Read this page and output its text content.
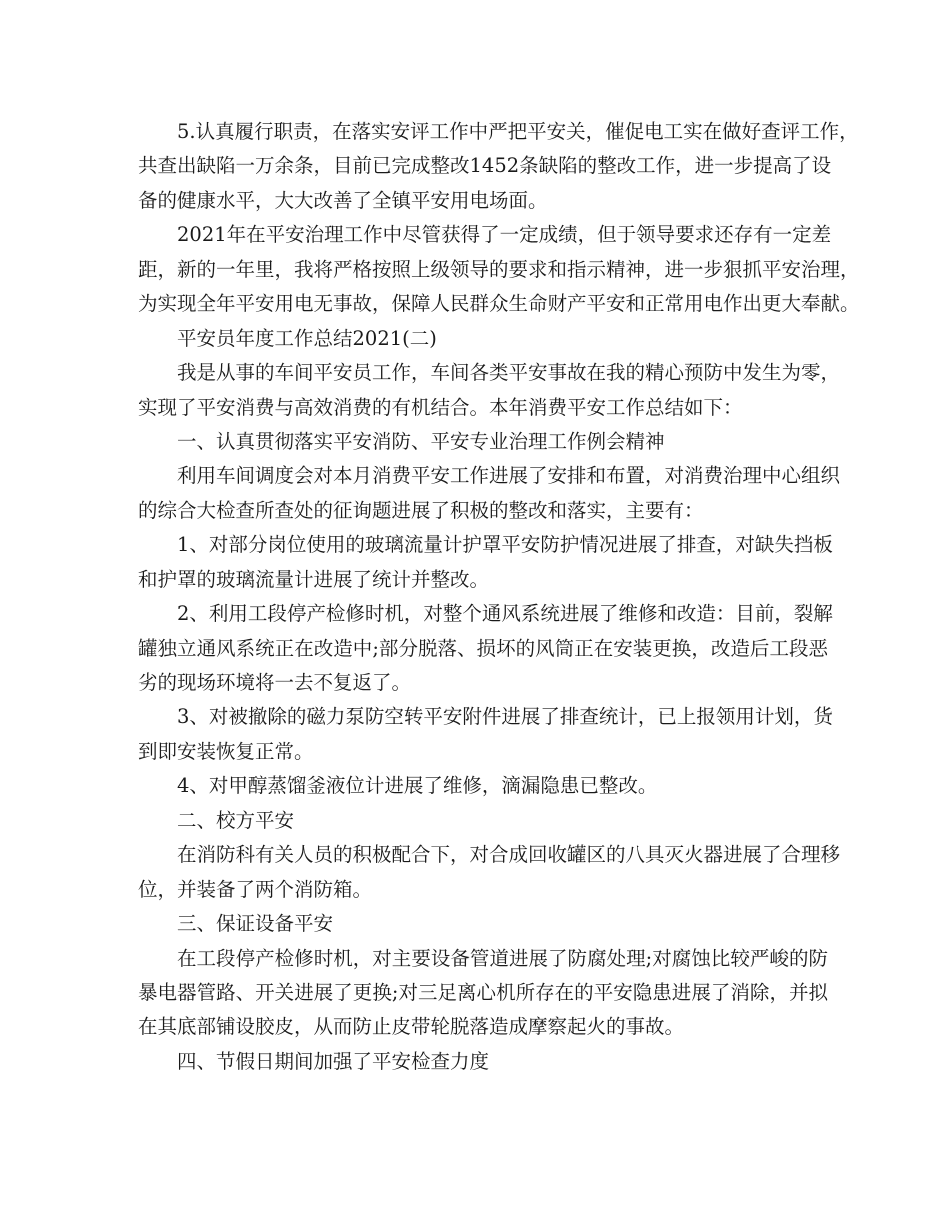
5.认真履行职责，在落实安评工作中严把平安关，催促电工实在做好查评工作，
共查出缺陷一万余条，目前已完成整改1452条缺陷的整改工作，进一步提高了设
备的健康水平，大大改善了全镇平安用电场面。
2021年在平安治理工作中尽管获得了一定成绩，但于领导要求还存有一定差
距，新的一年里，我将严格按照上级领导的要求和指示精神，进一步狠抓平安治理，
为实现全年平安用电无事故，保障人民群众生命财产平安和正常用电作出更大奉献。
平安员年度工作总结2021(二)
我是从事的车间平安员工作，车间各类平安事故在我的精心预防中发生为零，
实现了平安消费与高效消费的有机结合。本年消费平安工作总结如下：
一、认真贯彻落实平安消防、平安专业治理工作例会精神
利用车间调度会对本月消费平安工作进展了安排和布置，对消费治理中心组织
的综合大检查所查处的征询题进展了积极的整改和落实，主要有：
1、对部分岗位使用的玻璃流量计护罩平安防护情况进展了排查，对缺失挡板
和护罩的玻璃流量计进展了统计并整改。
2、利用工段停产检修时机，对整个通风系统进展了维修和改造：目前，裂解
罐独立通风系统正在改造中;部分脱落、损坏的风筒正在安装更换，改造后工段恶
劣的现场环境将一去不复返了。
3、对被撤除的磁力泵防空转平安附件进展了排查统计，已上报领用计划，货
到即安装恢复正常。
4、对甲醇蒸馏釜液位计进展了维修，滴漏隐患已整改。
二、校方平安
在消防科有关人员的积极配合下，对合成回收罐区的八具灭火器进展了合理移
位，并装备了两个消防箱。
三、保证设备平安
在工段停产检修时机，对主要设备管道进展了防腐处理;对腐蚀比较严峻的防
暴电器管路、开关进展了更换;对三足离心机所存在的平安隐患进展了消除，并拟
在其底部铺设胶皮，从而防止皮带轮脱落造成摩察起火的事故。
四、节假日期间加强了平安检查力度
